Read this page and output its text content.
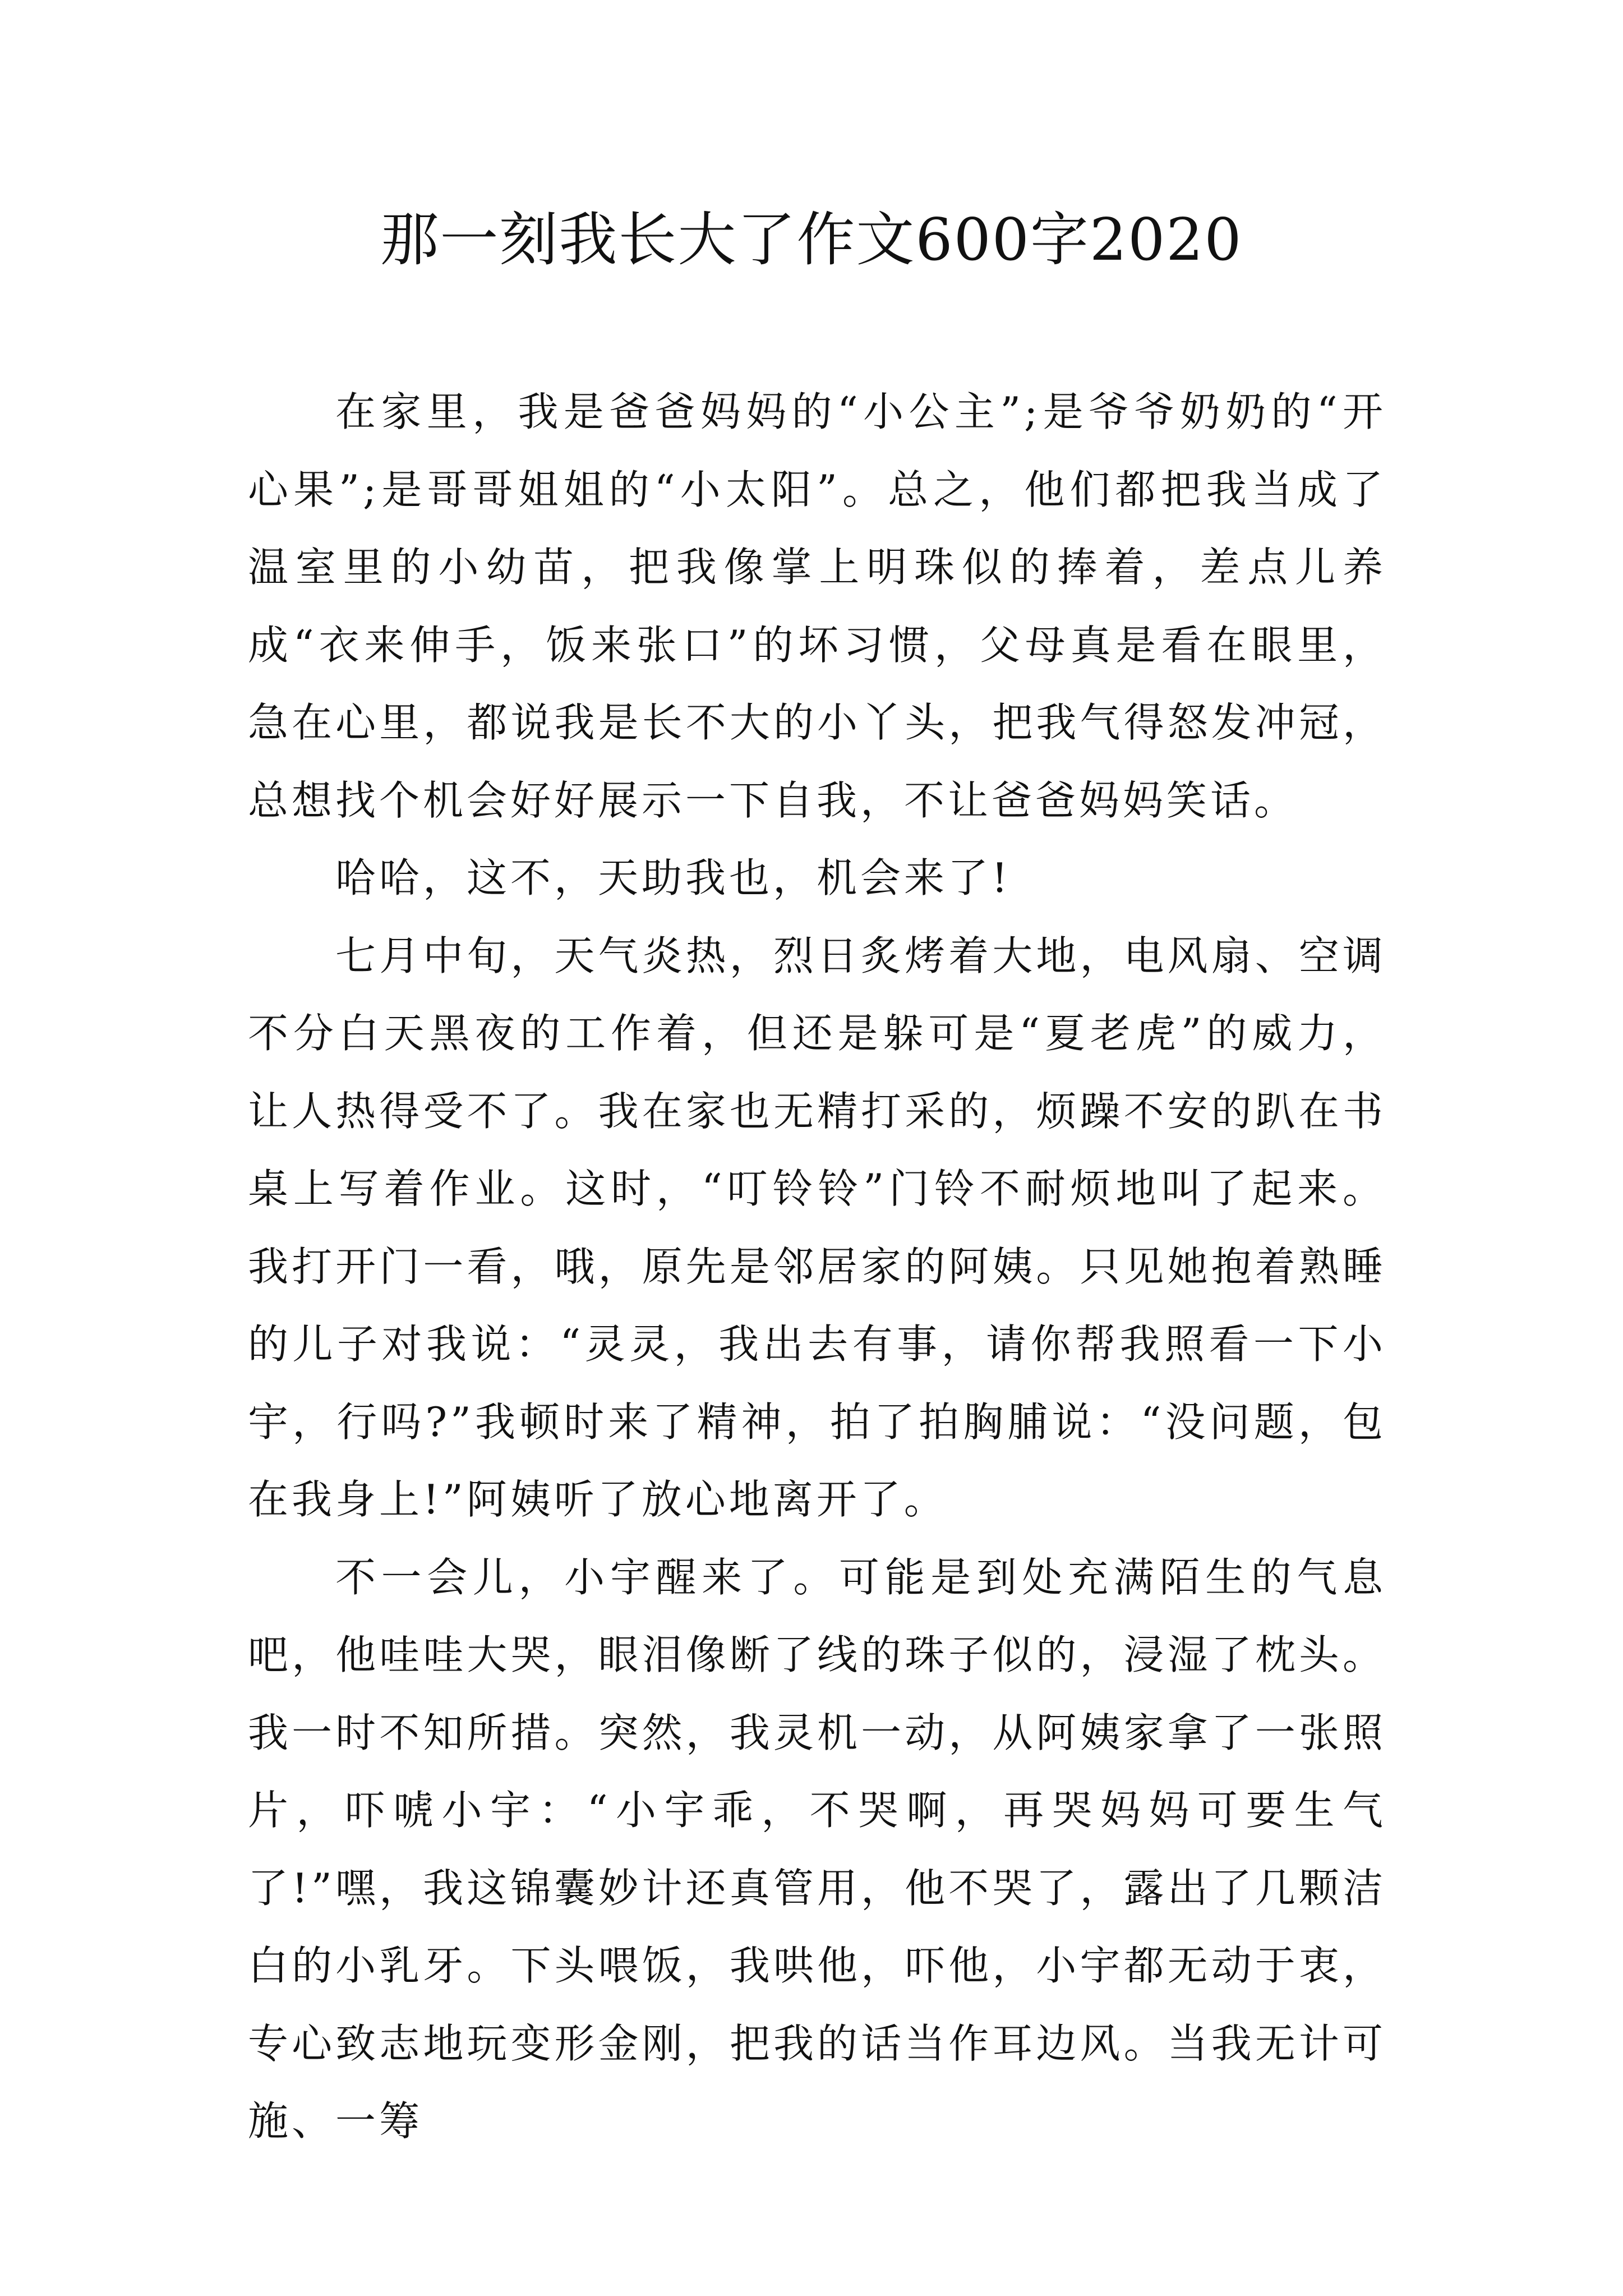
那一刻我长大了作文600字2020

在家里，我是爸爸妈妈的“小公主”;是爷爷奶奶的“开心果”;是哥哥姐姐的“小太阳”。总之，他们都把我当成了温室里的小幼苗，把我像掌上明珠似的捧着，差点儿养成“衣来伸手，饭来张口”的坏习惯，父母真是看在眼里，急在心里，都说我是长不大的小丫头，把我气得怒发冲冠，总想找个机会好好展示一下自我，不让爸爸妈妈笑话。

哈哈，这不，天助我也，机会来了!

七月中旬，天气炎热，烈日炙烤着大地，电风扇、空调不分白天黑夜的工作着，但还是躲可是“夏老虎”的威力，让人热得受不了。我在家也无精打采的，烦躁不安的趴在书桌上写着作业。这时，“叮铃铃”门铃不耐烦地叫了起来。我打开门一看，哦，原先是邻居家的阿姨。只见她抱着熟睡的儿子对我说：“灵灵，我出去有事，请你帮我照看一下小宇，行吗?”我顿时来了精神，拍了拍胸脯说：“没问题，包在我身上!”阿姨听了放心地离开了。

不一会儿，小宇醒来了。可能是到处充满陌生的气息吧，他哇哇大哭，眼泪像断了线的珠子似的，浸湿了枕头。我一时不知所措。突然，我灵机一动，从阿姨家拿了一张照片，吓唬小宇：“小宇乖，不哭啊，再哭妈妈可要生气了!”嘿，我这锦囊妙计还真管用，他不哭了，露出了几颗洁白的小乳牙。下头喂饭，我哄他，吓他，小宇都无动于衷，专心致志地玩变形金刚，把我的话当作耳边风。当我无计可施、一筹
